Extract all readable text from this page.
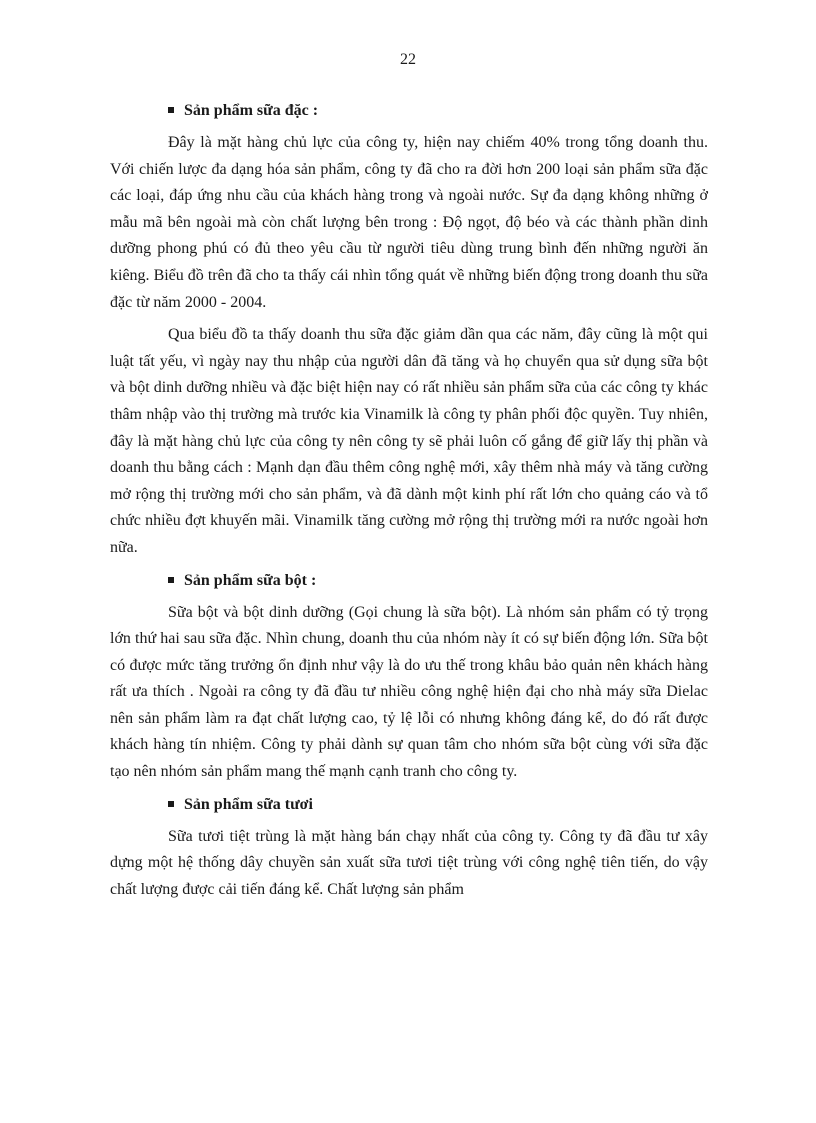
22
Sản phẩm sữa đặc :

Đây là mặt hàng chủ lực của công ty, hiện nay chiếm 40% trong tổng doanh thu. Với chiến lược đa dạng hóa sản phẩm, công ty đã cho ra đời hơn 200 loại sản phẩm sữa đặc các loại, đáp ứng nhu cầu của khách hàng trong và ngoài nước. Sự đa dạng không những ở mẫu mã bên ngoài mà còn chất lượng bên trong : Độ ngọt, độ béo và các thành phần dinh dưỡng phong phú có đủ theo yêu cầu từ người tiêu dùng trung bình đến những người ăn kiêng. Biểu đồ trên đã cho ta thấy cái nhìn tổng quát về những biến động trong doanh thu sữa đặc từ năm 2000 - 2004.

Qua biểu đồ ta thấy doanh thu sữa đặc giảm dần qua các năm, đây cũng là một qui luật tất yếu, vì ngày nay thu nhập của người dân đã tăng và họ chuyển qua sử dụng sữa bột và bột dinh dưỡng nhiều và đặc biệt hiện nay có rất nhiều sản phẩm sữa của các công ty khác thâm nhập vào thị trường mà trước kia Vinamilk là công ty phân phối độc quyền. Tuy nhiên, đây là mặt hàng chủ lực của công ty nên công ty sẽ phải luôn cố gắng để giữ lấy thị phần và doanh thu bằng cách : Mạnh dạn đầu thêm công nghệ mới, xây thêm nhà máy và tăng cường mở rộng thị trường mới cho sản phẩm, và đã dành một kinh phí rất lớn cho quảng cáo và tổ chức nhiều đợt khuyến mãi. Vinamilk tăng cường mở rộng thị trường mới ra nước ngoài hơn nữa.

Sản phẩm sữa bột :

Sữa bột và bột dinh dưỡng (Gọi chung là sữa bột). Là nhóm sản phẩm có tỷ trọng lớn thứ hai sau sữa đặc. Nhìn chung, doanh thu của nhóm này ít có sự biến động lớn. Sữa bột có được mức tăng trưởng ổn định như vậy là do ưu thế trong khâu bảo quản nên khách hàng rất ưa thích . Ngoài ra công ty đã đầu tư nhiều công nghệ hiện đại cho nhà máy sữa Dielac nên sản phẩm làm ra đạt chất lượng cao, tỷ lệ lỗi có nhưng không đáng kể, do đó rất được khách hàng tín nhiệm. Công ty phải dành sự quan tâm cho nhóm sữa bột cùng với sữa đặc tạo nên nhóm sản phẩm mang thế mạnh cạnh tranh cho công ty.

Sản phẩm sữa tươi

Sữa tươi tiệt trùng là mặt hàng bán chạy nhất của công ty. Công ty đã đầu tư xây dựng một hệ thống dây chuyền sản xuất sữa tươi tiệt trùng với công nghệ tiên tiến, do vậy chất lượng được cải tiến đáng kể. Chất lượng sản phẩm
